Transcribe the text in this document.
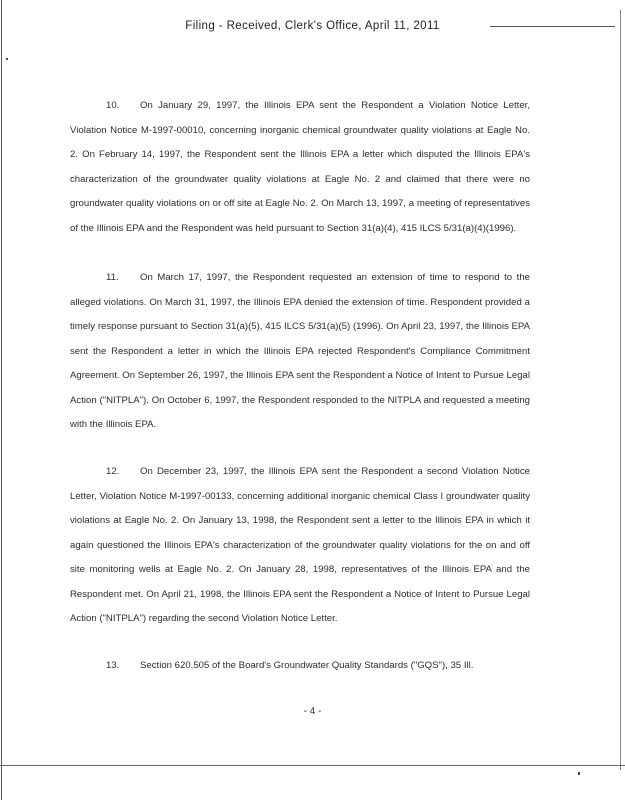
Filing - Received, Clerk's Office, April 11, 2011

10. On January 29, 1997, the Illinois EPA sent the Respondent a Violation Notice Letter, Violation Notice M-1997-00010, concerning inorganic chemical groundwater quality violations at Eagle No. 2. On February 14, 1997, the Respondent sent the Illinois EPA a letter which disputed the Illinois EPA's characterization of the groundwater quality violations at Eagle No. 2 and claimed that there were no groundwater quality violations on or off site at Eagle No. 2. On March 13, 1997, a meeting of representatives of the Illinois EPA and the Respondent was held pursuant to Section 31(a)(4), 415 ILCS 5/31(a)(4)(1996).

11. On March 17, 1997, the Respondent requested an extension of time to respond to the alleged violations. On March 31, 1997, the Illinois EPA denied the extension of time. Respondent provided a timely response pursuant to Section 31(a)(5), 415 ILCS 5/31(a)(5) (1996). On April 23, 1997, the Illinois EPA sent the Respondent a letter in which the Illinois EPA rejected Respondent's Compliance Commitment Agreement. On September 26, 1997, the Illinois EPA sent the Respondent a Notice of Intent to Pursue Legal Action ("NITPLA"). On October 6, 1997, the Respondent responded to the NITPLA and requested a meeting with the Illinois EPA.

12. On December 23, 1997, the Illinois EPA sent the Respondent a second Violation Notice Letter, Violation Notice M-1997-00133, concerning additional inorganic chemical Class I groundwater quality violations at Eagle No. 2. On January 13, 1998, the Respondent sent a letter to the Illinois EPA in which it again questioned the Illinois EPA's characterization of the groundwater quality violations for the on and off site monitoring wells at Eagle No. 2. On January 28, 1998, representatives of the Illinois EPA and the Respondent met. On April 21, 1998, the Illinois EPA sent the Respondent a Notice of Intent to Pursue Legal Action ("NITPLA") regarding the second Violation Notice Letter.

13. Section 620.505 of the Board's Groundwater Quality Standards ("GQS"), 35 Ill.

- 4 -
